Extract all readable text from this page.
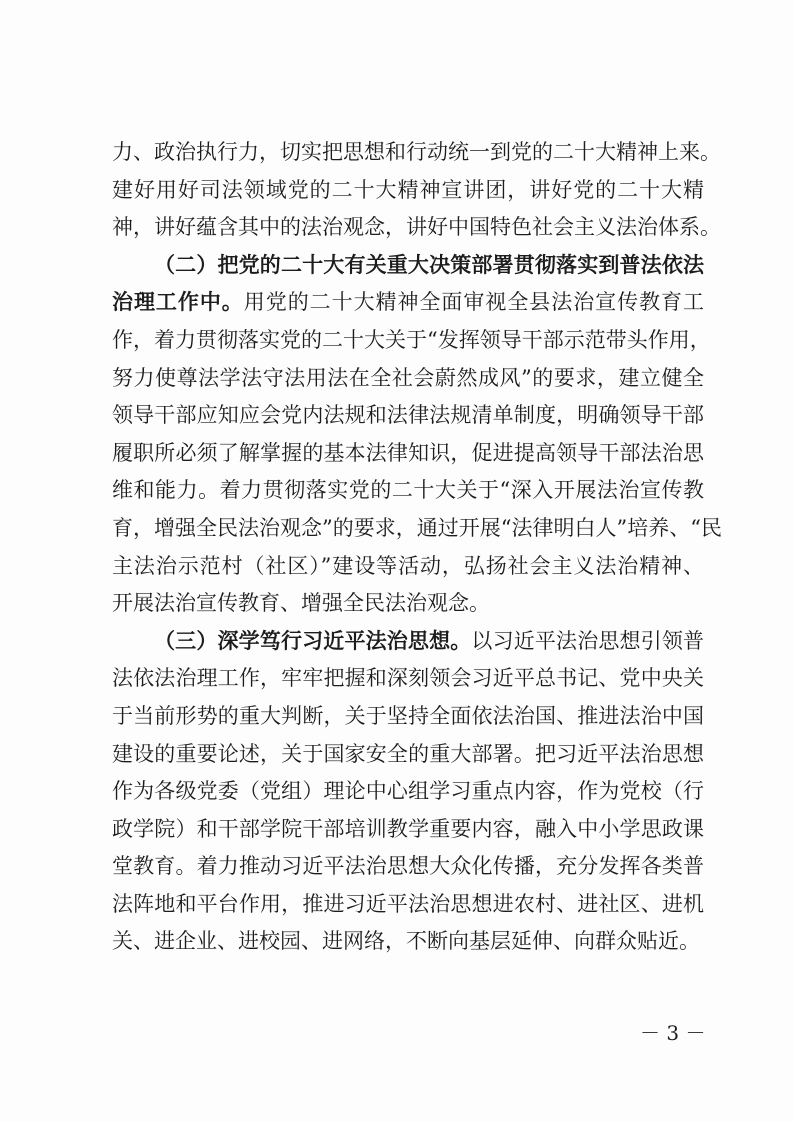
力、政治执行力，切实把思想和行动统一到党的二十大精神上来。
建好用好司法领域党的二十大精神宣讲团，讲好党的二十大精
神，讲好蕴含其中的法治观念，讲好中国特色社会主义法治体系。
（二）把党的二十大有关重大决策部署贯彻落实到普法依法
治理工作中。用党的二十大精神全面审视全县法治宣传教育工
作，着力贯彻落实党的二十大关于“发挥领导干部示范带头作用，
努力使尊法学法守法用法在全社会蔚然成风”的要求，建立健全
领导干部应知应会党内法规和法律法规清单制度，明确领导干部
履职所必须了解掌握的基本法律知识，促进提高领导干部法治思
维和能力。着力贯彻落实党的二十大关于“深入开展法治宣传教
育，增强全民法治观念”的要求，通过开展“法律明白人”培养、“民
主法治示范村（社区）”建设等活动，弘扬社会主义法治精神、
开展法治宣传教育、增强全民法治观念。
（三）深学笃行习近平法治思想。以习近平法治思想引领普
法依法治理工作，牢牢把握和深刻领会习近平总书记、党中央关
于当前形势的重大判断，关于坚持全面依法治国、推进法治中国
建设的重要论述，关于国家安全的重大部署。把习近平法治思想
作为各级党委（党组）理论中心组学习重点内容，作为党校（行
政学院）和干部学院干部培训教学重要内容，融入中小学思政课
堂教育。着力推动习近平法治思想大众化传播，充分发挥各类普
法阵地和平台作用，推进习近平法治思想进农村、进社区、进机
关、进企业、进校园、进网络，不断向基层延伸、向群众贴近。
－ 3 －
